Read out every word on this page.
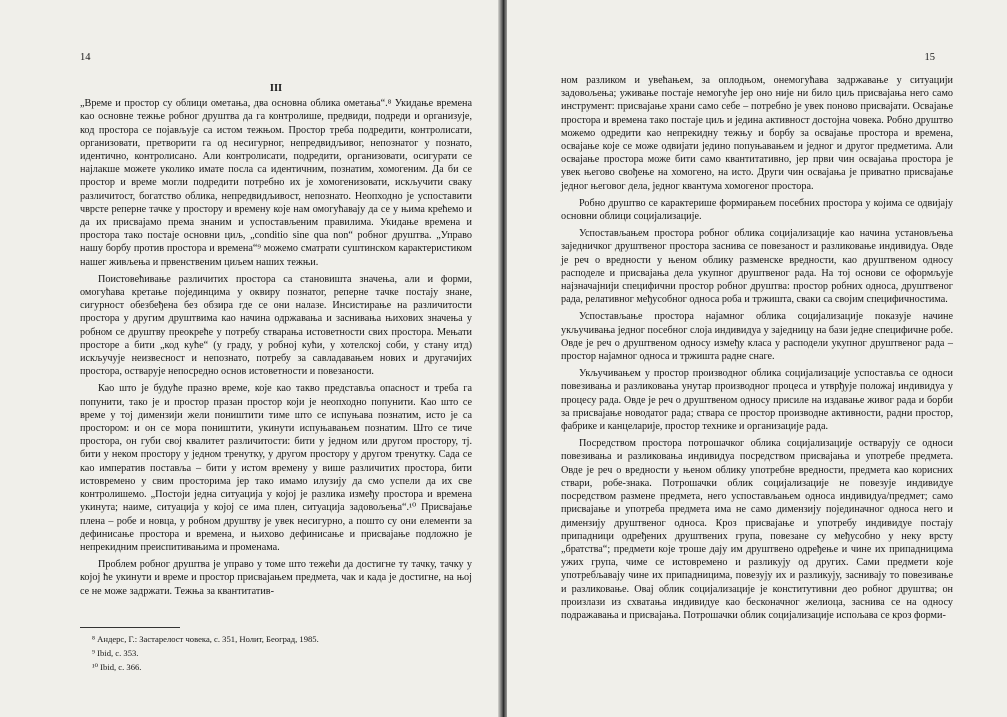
14
III

„Време и простор су облици ометања, два основна облика ометања“.⁸ Укидање времена као основне тежње робног друштва да га контролише, предвиди, подреди и организује, код простора се појављује са истом тежњом. Простор треба подредити, контролисати, организовати, претворити га од несигурног, непредвидљивог, непознатог у познато, идентично, контролисано. Али контролисати, подредити, организовати, осигурати се најлакше можете уколико имате посла са идентичним, познатим, хомогеним. Да би се простор и време могли подредити потребно их је хомогенизовати, искључити сваку различитост, богатство облика, непредвидљивост, непознато. Неопходно је успоставити чврсте реперне тачке у простору и времену које нам омогућавају да се у њима крећемо и да их присвајамо према знаним и успостављеним правилима. Укидање времена и простора тако постаје основни циљ, „conditio sine qua non“ робног друштва. „Управо нашу борбу против простора и времена“⁹ можемо сматрати суштинском карактеристиком нашег живљења и првенственим циљем наших тежњи.

Поистовећивање различитих простора са становишта значења, али и форми, омогућава кретање појединцима у оквиру познатог, реперне тачке постају знане, сигурност обезбеђена без обзира где се они налазе. Инсистирање на различитости простора у другим друштвима као начина одржавања и заснивања њихових значења у робном се друштву преокреће у потребу стварања истоветности свих простора. Мењати просторе а бити „код куће“ (у граду, у робној кући, у хотелској соби, у стану итд) искључује неизвесност и непознато, потребу за савладавањем нових и другачијих простора, остварује непосредно основ истоветности и повезаности.

Као што је будуће празно време, које као такво представља опасност и треба га попунити, тако је и простор празан простор који је неопходно попунити. Као што се време у тој димензији жели поништити тиме што се испуњава познатим, исто је са простором: и он се мора поништити, укинути испуњавањем познатим. Што се тиче простора, он губи свој квалитет различитости: бити у једном или другом простору, тј. бити у неком простору у једном тренутку, у другом простору у другом тренутку. Сада се као императив поставља – бити у истом времену у више различитих простора, бити истовремено у свим просторима јер тако имамо илузију да смо успели да их све контролишемо. „Постоји једна ситуација у којој је разлика између простора и времена укинута; наиме, ситуација у којој се има плен, ситуација задовољења“.¹⁰ Присвајање плена – робе и новца, у робном друштву је увек несигурно, а пошто су они елементи за дефинисање простора и времена, и њихово дефинисање и присвајање подложно је непрекидним преиспитивањима и променама.

Проблем робног друштва је управо у томе што тежећи да достигне ту тачку, тачку у којој ће укинути и време и простор присвајањем предмета, чак и када је достигне, на њој се не може задржати. Тежња за квантитатив-

⁸ Андерс, Г.: Застарелост човека, с. 351, Нолит, Београд, 1985.

⁹ Ibid, с. 353.

¹⁰ Ibid, с. 366.

15

ном разликом и увећањем, за оплодњом, онемогућава задржавање у ситуацији задовољења; уживање постаје немогуће јер оно није ни било циљ присвајања него само инструмент: присвајање храни само себе – потребно је увек поново присвајати. Освајање простора и времена тако постаје циљ и једина активност достојна човека. Робно друштво можемо одредити као непрекидну тежњу и борбу за освајање простора и времена, освајање које се може одвијати једино попуњавањем и једног и другог предметима. Али освајање простора може бити само квантитативно, јер први чин освајања простора је увек његово свођење на хомогено, на исто. Други чин освајања је приватно присвајање једног његовог дела, једног квантума хомогеног простора.

Робно друштво се карактерише формирањем посебних простора у којима се одвијају основни облици социјализације.

Успостављањем простора робног облика социјализације као начина установљења заједничког друштвеног простора заснива се повезаност и разликовање индивидуа. Овде је реч о вредности у њеном облику разменске вредности, као друштвеном односу расподеле и присвајања дела укупног друштвеног рада. На тој основи се оформљује најзначајнији специфични простор робног друштва: простор робних односа, друштвеног рада, релативног међусобног односа роба и тржишта, сваки са својим специфичностима.

Успостављање простора најамног облика социјализације показује начине укључивања једног посебног слоја индивидуа у заједницу на бази једне специфичне робе. Овде је реч о друштвеном односу између класа у расподели укупног друштвеног рада – простор најамног односа и тржишта радне снаге.

Укључивањем у простор производног облика социјализације успоставља се односи повезивања и разликовања унутар производног процеса и утврђује положај индивидуа у процесу рада. Овде је реч о друштвеном односу присиле на издавање живог рада и борби за присвајање новодатог рада; ствара се простор производне активности, радни простор, фабрике и канцеларије, простор технике и организације рада.

Посредством простора потрошачког облика социјализације остварују се односи повезивања и разликовања индивидуа посредством присвајања и употребе предмета. Овде је реч о вредности у њеном облику употребне вредности, предмета као корисних ствари, робе-знака. Потрошачки облик социјализације не повезује индивидуе посредством размене предмета, него успостављањем односа индивидуа/предмет; само присвајање и употреба предмета има не само димензију појединачног односа него и димензију друштвеног односа. Кроз присвајање и употребу индивидуе постају припадници одређених друштвених група, повезане су међусобно у неку врсту „братства“; предмети које троше дају им друштвено одређење и чине их припадницима ужих група, чиме се истовремено и разликују од других. Сами предмети које употребљавају чине их припадницима, повезују их и разликују, заснивају то повезивање и разликовање. Овај облик социјализације је конститутивни део робног друштва; он произлази из схватања индивидуе као бесконачног желиоца, заснива се на односу подражавања и присвајања. Потрошачки облик социјализације испољава се кроз форми-
